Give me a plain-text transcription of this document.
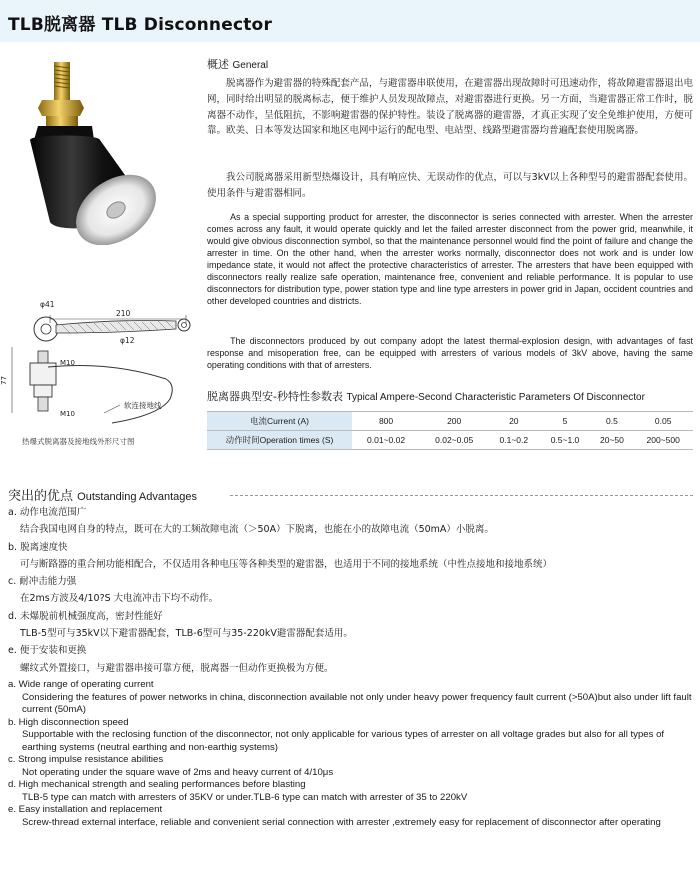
TLB脱离器 TLB Disconnector
φ41
210
φ12
M10
77
软连接地线
M10
热爆式脱离器及接地线外形尺寸图
概述 General
脱离器作为避雷器的特殊配套产品，与避雷器串联使用，在避雷器出现故障时可迅速动作，将故障避雷器退出电网，同时给出明显的脱离标志，便于维护人员发现故障点，对避雷器进行更换。另一方面，当避雷器正常工作时，脱离器不动作，呈低阻抗，不影响避雷器的保护特性。装设了脱离器的避雷器，才真正实现了安全免维护使用，方便可靠。欧美、日本等发达国家和地区电网中运行的配电型、电站型、线路型避雷器均普遍配套使用脱离器。
我公司脱离器采用新型热爆设计，具有响应快、无误动作的优点，可以与3kV以上各种型号的避雷器配套使用。使用条件与避雷器相同。
As a special supporting product for arrester, the disconnector is series connected with arrester. When the arrester comes across any fault, it would operate quickly and let the failed arrester disconnect from the power grid, meanwhile, it would give obvious disconnection symbol, so that the maintenance personnel would find the point of failure and change the arrester in time. On the other hand, when the arrester works normally, disconnector does not work and is under low impedance state, it would not affect the protective characteristics of arrester. The arresters that have been equipped with disconnectors really realize safe operation, maintenance free, convenient and reliable performance. It is popular to use disconnectors for distribution type, power station type and line type arresters in power grid in Japan, occident countries and other developed countries and districts.
The disconnectors produced by out company adopt the latest thermal-explosion design, with advantages of fast response and misoperation free, can be equipped with arresters of various models of 3kV above, having the same operating conditions with that of arresters.
脱离器典型安-秒特性参数表 Typical Ampere-Second Characteristic Parameters Of Disconnector
电流Current (A)	800	200	20	5	0.5	0.05
动作时间Operation times (S)	0.01~0.02	0.02~0.05	0.1~0.2	0.5~1.0	20~50	200~500
突出的优点 Outstanding Advantages
a. 动作电流范围广
结合我国电网自身的特点，既可在大的工频故障电流（＞50A）下脱离，也能在小的故障电流（50mA）小脱离。
b. 脱离速度快
可与断路器的重合闸功能相配合，不仅适用各种电压等各种类型的避雷器，也适用于不同的接地系统（中性点接地和接地系统）
c. 耐冲击能力强
在2ms方波及4/10?S 大电流冲击下均不动作。
d. 未爆脱前机械强度高，密封性能好
TLB-5型可与35kV以下避雷器配套，TLB-6型可与35-220kV避雷器配套适用。
e. 便于安装和更换
螺纹式外置接口，与避雷器串接可靠方便，脱离器一但动作更换极为方便。
a. Wide range of operating current
Considering the features of power networks in china, disconnection available not only under heavy power frequency fault current (>50A)but also under lift fault current (50mA)
b. High disconnection speed
Supportable with the reclosing function of the disconnector, not only applicable for various types of arrester on all voltage grades but also for all types of earthing systems (neutral earthing and non-earthig systems)
c. Strong impulse resistance abilities
Not operating under the square wave of 2ms and heavy current of 4/10μs
d. High mechanical strength and sealing performances before blasting
TLB-5 type can match with arresters of 35KV or under.TLB-6 type can match with arrester of 35 to 220kV
e. Easy installation and replacement
Screw-thread external interface, reliable and convenient serial connection with arrester ,extremely easy for replacement of disconnector after operating
